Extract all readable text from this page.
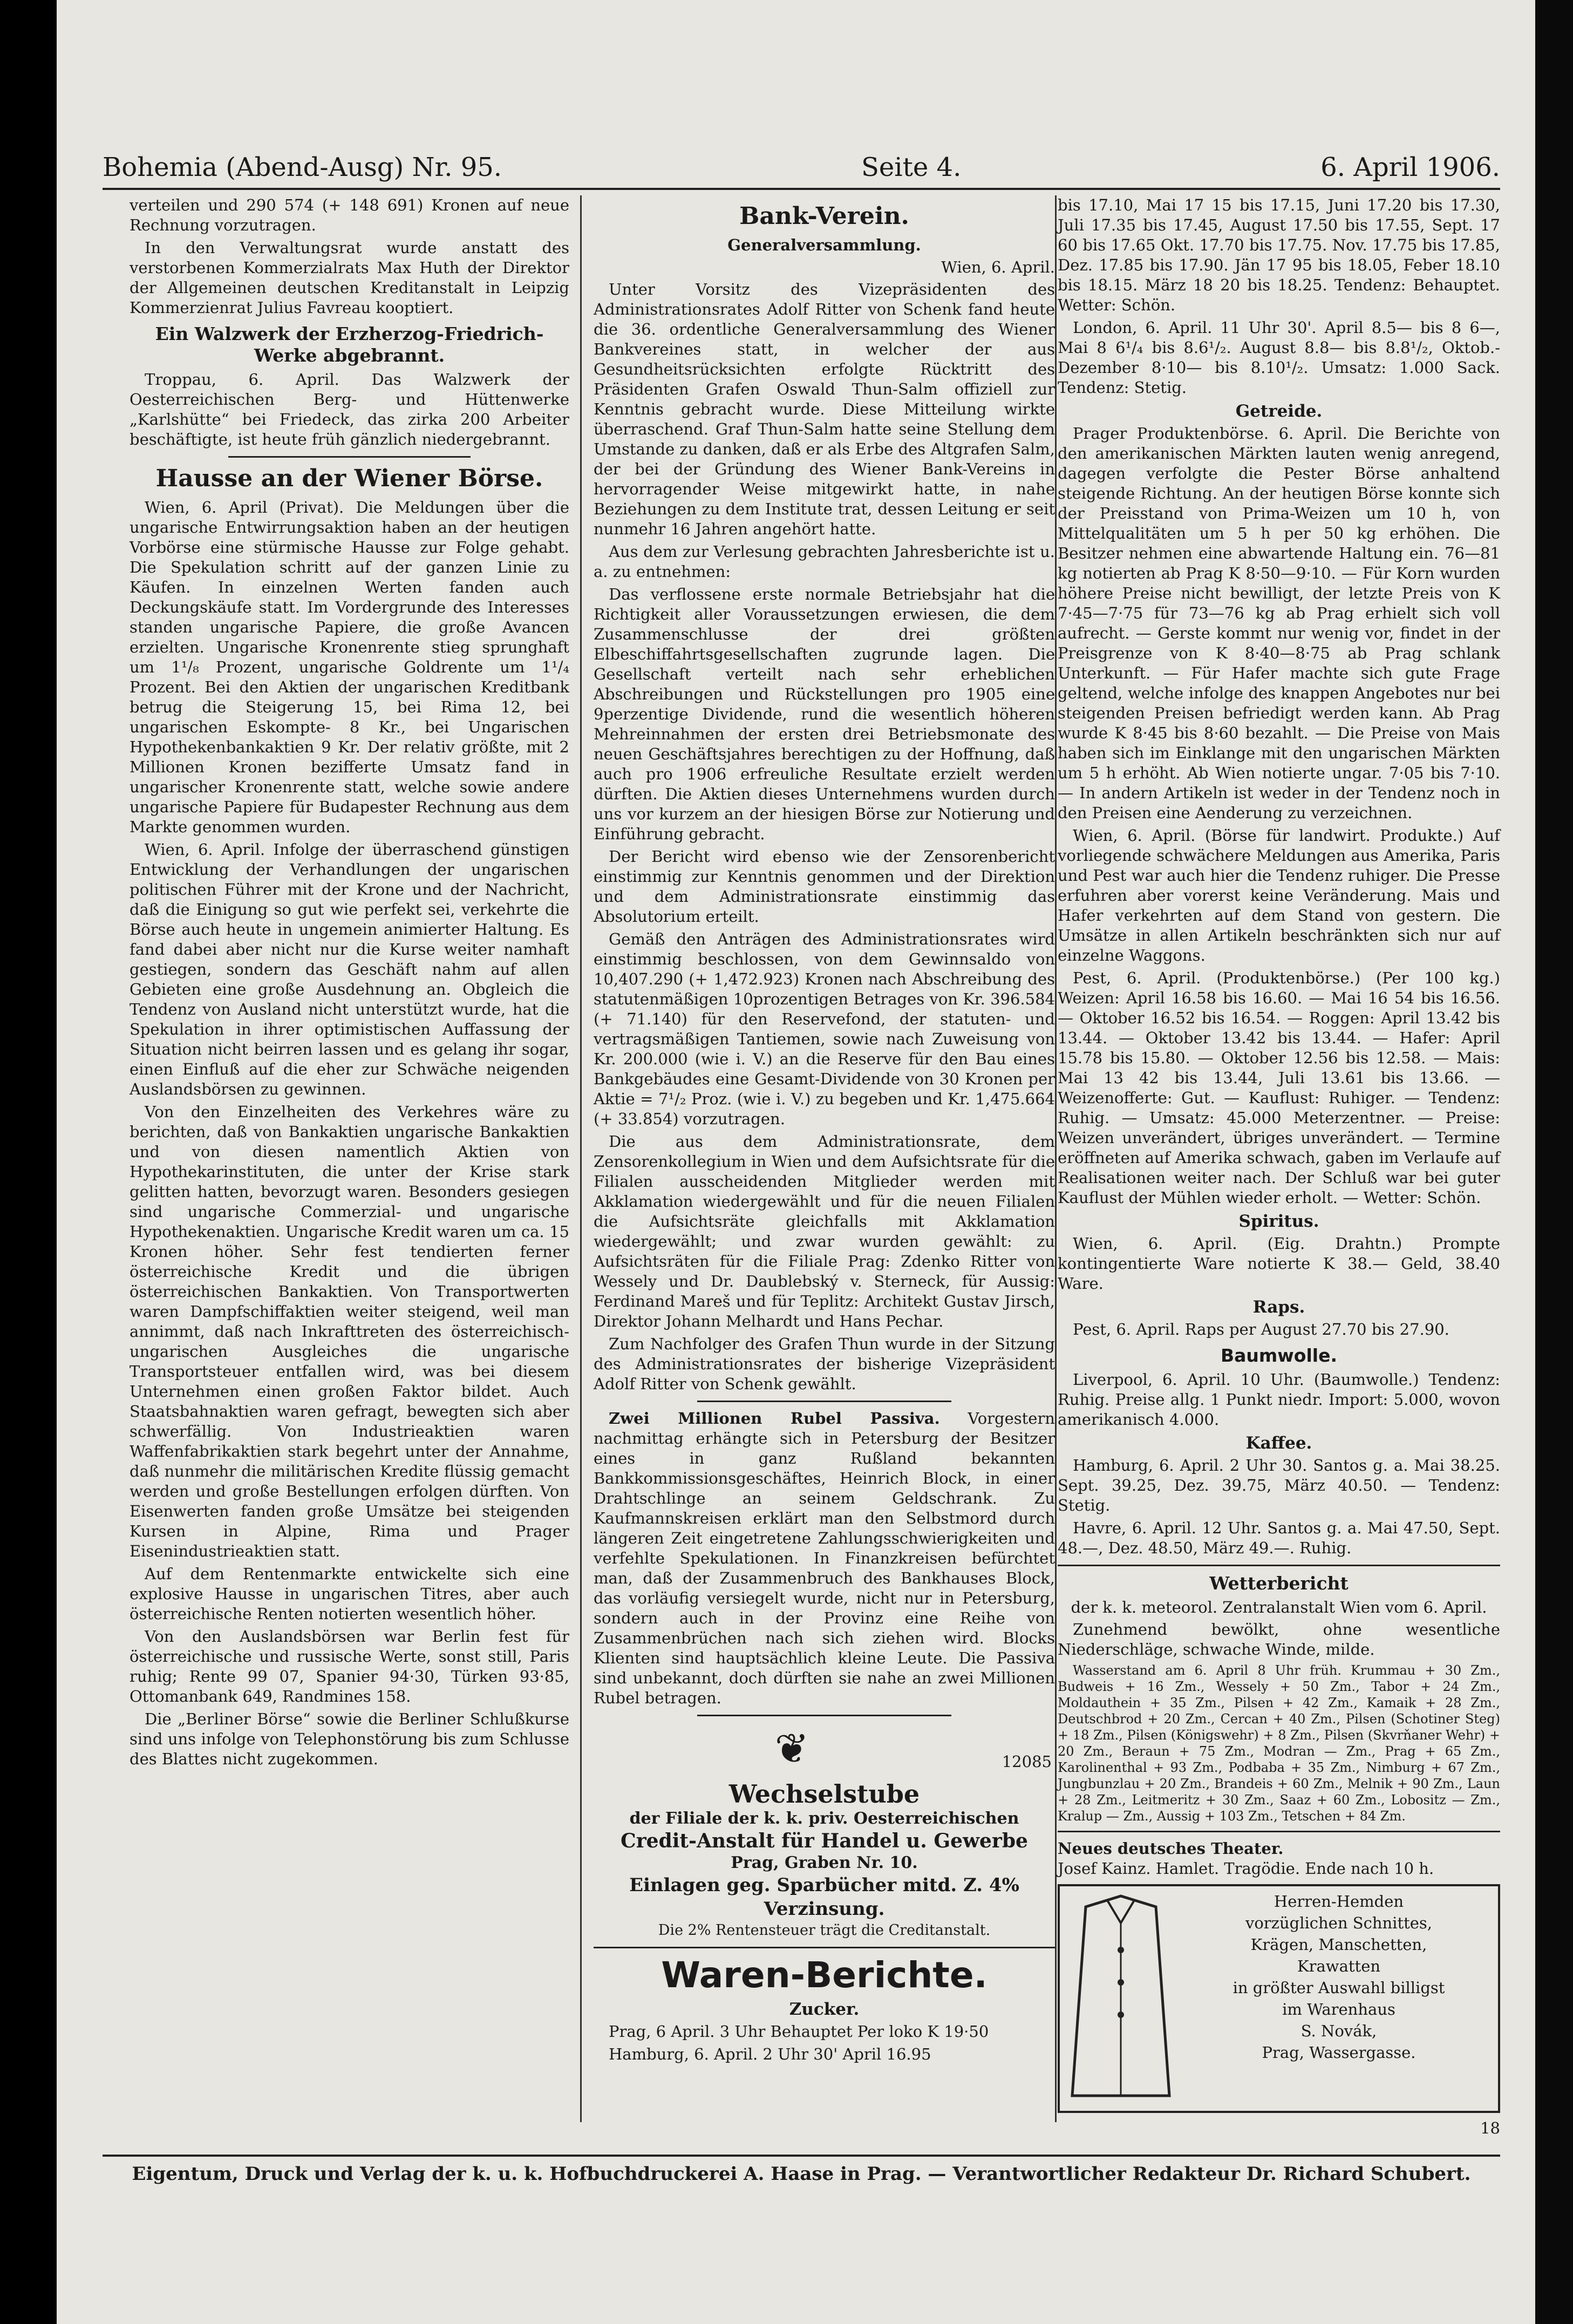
Bohemia (Abend-Ausg) Nr. 95.	Seite 4.	6. April 1906.

verteilen und 290 574 (+ 148 691) Kronen auf neue Rechnung vorzutragen.

In den Verwaltungsrat wurde anstatt des verstorbenen Kommerzialrats Max Huth der Direktor der Allgemeinen deutschen Kreditanstalt in Leipzig Kommerzienrat Julius Favreau kooptiert.

Ein Walzwerk der Erzherzog-Friedrich-Werke abgebrannt.

Troppau, 6. April. Das Walzwerk der Oesterreichischen Berg- und Hüttenwerke „Karlshütte“ bei Friedeck, das zirka 200 Arbeiter beschäftigte, ist heute früh gänzlich niedergebrannt.

Hausse an der Wiener Börse.

Wien, 6. April (Privat). Die Meldungen über die ungarische Entwirrungsaktion haben an der heutigen Vorbörse eine stürmische Hausse zur Folge gehabt. Die Spekulation schritt auf der ganzen Linie zu Käufen. In einzelnen Werten fanden auch Deckungskäufe statt. Im Vordergrunde des Interesses standen ungarische Papiere, die große Avancen erzielten. Ungarische Kronenrente stieg sprunghaft um 1¹/₈ Prozent, ungarische Goldrente um 1¹/₄ Prozent. Bei den Aktien der ungarischen Kreditbank betrug die Steigerung 15, bei Rima 12, bei ungarischen Eskompte- 8 Kr., bei Ungarischen Hypothekenbankaktien 9 Kr. Der relativ größte, mit 2 Millionen Kronen bezifferte Umsatz fand in ungarischer Kronenrente statt, welche sowie andere ungarische Papiere für Budapester Rechnung aus dem Markte genommen wurden.

Wien, 6. April. Infolge der überraschend günstigen Entwicklung der Verhandlungen der ungarischen politischen Führer mit der Krone und der Nachricht, daß die Einigung so gut wie perfekt sei, verkehrte die Börse auch heute in ungemein animierter Haltung. Es fand dabei aber nicht nur die Kurse weiter namhaft gestiegen, sondern das Geschäft nahm auf allen Gebieten eine große Ausdehnung an. Obgleich die Tendenz von Ausland nicht unterstützt wurde, hat die Spekulation in ihrer optimistischen Auffassung der Situation nicht beirren lassen und es gelang ihr sogar, einen Einfluß auf die eher zur Schwäche neigenden Auslandsbörsen zu gewinnen.

Von den Einzelheiten des Verkehres wäre zu berichten, daß von Bankaktien ungarische Bankaktien und von diesen namentlich Aktien von Hypothekarinstituten, die unter der Krise stark gelitten hatten, bevorzugt waren. Besonders gesiegen sind ungarische Commerzial- und ungarische Hypothekenaktien. Ungarische Kredit waren um ca. 15 Kronen höher. Sehr fest tendierten ferner österreichische Kredit und die übrigen österreichischen Bankaktien. Von Transportwerten waren Dampfschiffaktien weiter steigend, weil man annimmt, daß nach Inkrafttreten des österreichisch-ungarischen Ausgleiches die ungarische Transportsteuer entfallen wird, was bei diesem Unternehmen einen großen Faktor bildet. Auch Staatsbahnaktien waren gefragt, bewegten sich aber schwerfällig. Von Industrieaktien waren Waffenfabrikaktien stark begehrt unter der Annahme, daß nunmehr die militärischen Kredite flüssig gemacht werden und große Bestellungen erfolgen dürften. Von Eisenwerten fanden große Umsätze bei steigenden Kursen in Alpine, Rima und Prager Eisenindustrieaktien statt.

Auf dem Rentenmarkte entwickelte sich eine explosive Hausse in ungarischen Titres, aber auch österreichische Renten notierten wesentlich höher.

Von den Auslandsbörsen war Berlin fest für österreichische und russische Werte, sonst still, Paris ruhig; Rente 99 07, Spanier 94·30, Türken 93·85, Ottomanbank 649, Randmines 158.

Die „Berliner Börse“ sowie die Berliner Schlußkurse sind uns infolge von Telephonstörung bis zum Schlusse des Blattes nicht zugekommen.

Bank-Verein.
Generalversammlung.
Wien, 6. April.

Unter Vorsitz des Vizepräsidenten des Administrationsrates Adolf Ritter von Schenk fand heute die 36. ordentliche Generalversammlung des Wiener Bankvereines statt, in welcher der aus Gesundheitsrücksichten erfolgte Rücktritt des Präsidenten Grafen Oswald Thun-Salm offiziell zur Kenntnis gebracht wurde. Diese Mitteilung wirkte überraschend. Graf Thun-Salm hatte seine Stellung dem Umstande zu danken, daß er als Erbe des Altgrafen Salm, der bei der Gründung des Wiener Bank-Vereins in hervorragender Weise mitgewirkt hatte, in nahe Beziehungen zu dem Institute trat, dessen Leitung er seit nunmehr 16 Jahren angehört hatte.

Aus dem zur Verlesung gebrachten Jahresberichte ist u. a. zu entnehmen:

Das verflossene erste normale Betriebsjahr hat die Richtigkeit aller Voraussetzungen erwiesen, die dem Zusammenschlusse der drei größten Elbeschiffahrtsgesellschaften zugrunde lagen. Die Gesellschaft verteilt nach sehr erheblichen Abschreibungen und Rückstellungen pro 1905 eine 9perzentige Dividende, rund die wesentlich höheren Mehreinnahmen der ersten drei Betriebsmonate des neuen Geschäftsjahres berechtigen zu der Hoffnung, daß auch pro 1906 erfreuliche Resultate erzielt werden dürften. Die Aktien dieses Unternehmens wurden durch uns vor kurzem an der hiesigen Börse zur Notierung und Einführung gebracht.

Der Bericht wird ebenso wie der Zensorenbericht einstimmig zur Kenntnis genommen und der Direktion und dem Administrationsrate einstimmig das Absolutorium erteilt.

Gemäß den Anträgen des Administrationsrates wird einstimmig beschlossen, von dem Gewinnsaldo von 10,407.290 (+ 1,472.923) Kronen nach Abschreibung des statutenmäßigen 10prozentigen Betrages von Kr. 396.584 (+ 71.140) für den Reservefond, der statuten- und vertragsmäßigen Tantiemen, sowie nach Zuweisung von Kr. 200.000 (wie i. V.) an die Reserve für den Bau eines Bankgebäudes eine Gesamt-Dividende von 30 Kronen per Aktie = 7¹/₂ Proz. (wie i. V.) zu begeben und Kr. 1,475.664 (+ 33.854) vorzutragen.

Die aus dem Administrationsrate, dem Zensorenkollegium in Wien und dem Aufsichtsrate für die Filialen ausscheidenden Mitglieder werden mit Akklamation wiedergewählt und für die neuen Filialen die Aufsichtsräte gleichfalls mit Akklamation wiedergewählt; und zwar wurden gewählt: zu Aufsichtsräten für die Filiale Prag: Zdenko Ritter von Wessely und Dr. Daublebský v. Sterneck, für Aussig: Ferdinand Mareš und für Teplitz: Architekt Gustav Jirsch, Direktor Johann Melhardt und Hans Pechar.

Zum Nachfolger des Grafen Thun wurde in der Sitzung des Administrationsrates der bisherige Vizepräsident Adolf Ritter von Schenk gewählt.

Zwei Millionen Rubel Passiva. Vorgestern nachmittag erhängte sich in Petersburg der Besitzer eines in ganz Rußland bekannten Bankkommissionsgeschäftes, Heinrich Block, in einer Drahtschlinge an seinem Geldschrank. Zu Kaufmannskreisen erklärt man den Selbstmord durch längeren Zeit eingetretene Zahlungsschwierigkeiten und verfehlte Spekulationen. In Finanzkreisen befürchtet man, daß der Zusammenbruch des Bankhauses Block, das vorläufig versiegelt wurde, nicht nur in Petersburg, sondern auch in der Provinz eine Reihe von Zusammenbrüchen nach sich ziehen wird. Blocks Klienten sind hauptsächlich kleine Leute. Die Passiva sind unbekannt, doch dürften sie nahe an zwei Millionen Rubel betragen.

❦	12085
Wechselstube
der Filiale der k. k. priv. Oesterreichischen
Credit-Anstalt für Handel u. Gewerbe
Prag, Graben Nr. 10.
Einlagen geg. Sparbücher mitd. Z. 4% Verzinsung.
Die 2% Rentensteuer trägt die Creditanstalt.
Waren-Berichte.
Zucker.

Prag, 6 April. 3 Uhr Behauptet Per loko K 19·50

Hamburg, 6. April. 2 Uhr 30' April 16.95

bis 17.10, Mai 17 15 bis 17.15, Juni 17.20 bis 17.30, Juli 17.35 bis 17.45, August 17.50 bis 17.55, Sept. 17 60 bis 17.65 Okt. 17.70 bis 17.75. Nov. 17.75 bis 17.85, Dez. 17.85 bis 17.90. Jän 17 95 bis 18.05, Feber 18.10 bis 18.15. März 18 20 bis 18.25. Tendenz: Behauptet. Wetter: Schön.

London, 6. April. 11 Uhr 30'. April 8.5— bis 8 6—, Mai 8 6¹/₄ bis 8.6¹/₂. August 8.8— bis 8.8¹/₂, Oktob.-Dezember 8·10— bis 8.10¹/₂. Umsatz: 1.000 Sack. Tendenz: Stetig.

Getreide.

Prager Produktenbörse. 6. April. Die Berichte von den amerikanischen Märkten lauten wenig anregend, dagegen verfolgte die Pester Börse anhaltend steigende Richtung. An der heutigen Börse konnte sich der Preisstand von Prima-Weizen um 10 h, von Mittelqualitäten um 5 h per 50 kg erhöhen. Die Besitzer nehmen eine abwartende Haltung ein. 76—81 kg notierten ab Prag K 8·50—9·10. — Für Korn wurden höhere Preise nicht bewilligt, der letzte Preis von K 7·45—7·75 für 73—76 kg ab Prag erhielt sich voll aufrecht. — Gerste kommt nur wenig vor, findet in der Preisgrenze von K 8·40—8·75 ab Prag schlank Unterkunft. — Für Hafer machte sich gute Frage geltend, welche infolge des knappen Angebotes nur bei steigenden Preisen befriedigt werden kann. Ab Prag wurde K 8·45 bis 8·60 bezahlt. — Die Preise von Mais haben sich im Einklange mit den ungarischen Märkten um 5 h erhöht. Ab Wien notierte ungar. 7·05 bis 7·10. — In andern Artikeln ist weder in der Tendenz noch in den Preisen eine Aenderung zu verzeichnen.

Wien, 6. April. (Börse für landwirt. Produkte.) Auf vorliegende schwächere Meldungen aus Amerika, Paris und Pest war auch hier die Tendenz ruhiger. Die Presse erfuhren aber vorerst keine Veränderung. Mais und Hafer verkehrten auf dem Stand von gestern. Die Umsätze in allen Artikeln beschränkten sich nur auf einzelne Waggons.

Pest, 6. April. (Produktenbörse.) (Per 100 kg.) Weizen: April 16.58 bis 16.60. — Mai 16 54 bis 16.56. — Oktober 16.52 bis 16.54. — Roggen: April 13.42 bis 13.44. — Oktober 13.42 bis 13.44. — Hafer: April 15.78 bis 15.80. — Oktober 12.56 bis 12.58. — Mais: Mai 13 42 bis 13.44, Juli 13.61 bis 13.66. — Weizenofferte: Gut. — Kauflust: Ruhiger. — Tendenz: Ruhig. — Umsatz: 45.000 Meterzentner. — Preise: Weizen unverändert, übriges unverändert. — Termine eröffneten auf Amerika schwach, gaben im Verlaufe auf Realisationen weiter nach. Der Schluß war bei guter Kauflust der Mühlen wieder erholt. — Wetter: Schön.

Spiritus.

Wien, 6. April. (Eig. Drahtn.) Prompte kontingentierte Ware notierte K 38.— Geld, 38.40 Ware.

Raps.

Pest, 6. April. Raps per August 27.70 bis 27.90.

Baumwolle.

Liverpool, 6. April. 10 Uhr. (Baumwolle.) Tendenz: Ruhig. Preise allg. 1 Punkt niedr. Import: 5.000, wovon amerikanisch 4.000.

Kaffee.

Hamburg, 6. April. 2 Uhr 30. Santos g. a. Mai 38.25. Sept. 39.25, Dez. 39.75, März 40.50. — Tendenz: Stetig.

Havre, 6. April. 12 Uhr. Santos g. a. Mai 47.50, Sept. 48.—, Dez. 48.50, März 49.—. Ruhig.

Wetterbericht
der k. k. meteorol. Zentralanstalt Wien vom 6. April.

Zunehmend bewölkt, ohne wesentliche Niederschläge, schwache Winde, milde.

Wasserstand am 6. April 8 Uhr früh. Krummau + 30 Zm., Budweis + 16 Zm., Wessely + 50 Zm., Tabor + 24 Zm., Moldauthein + 35 Zm., Pilsen + 42 Zm., Kamaik + 28 Zm., Deutschbrod + 20 Zm., Cercan + 40 Zm., Pilsen (Schotiner Steg) + 18 Zm., Pilsen (Königswehr) + 8 Zm., Pilsen (Skvrňaner Wehr) + 20 Zm., Beraun + 75 Zm., Modran — Zm., Prag + 65 Zm., Karolinenthal + 93 Zm., Podbaba + 35 Zm., Nimburg + 67 Zm., Jungbunzlau + 20 Zm., Brandeis + 60 Zm., Melnik + 90 Zm., Laun + 28 Zm., Leitmeritz + 30 Zm., Saaz + 60 Zm., Lobositz — Zm., Kralup — Zm., Aussig + 103 Zm., Tetschen + 84 Zm.

Neues deutsches Theater.
Josef Kainz. Hamlet. Tragödie. Ende nach 10 h.

Herren-Hemden
vorzüglichen Schnittes,
Krägen, Manschetten,
Krawatten
in größter Auswahl billigst
im Warenhaus
S. Novák,
Prag, Wassergasse.
18
Eigentum, Druck und Verlag der k. u. k. Hofbuchdruckerei A. Haase in Prag. — Verantwortlicher Redakteur Dr. Richard Schubert.
